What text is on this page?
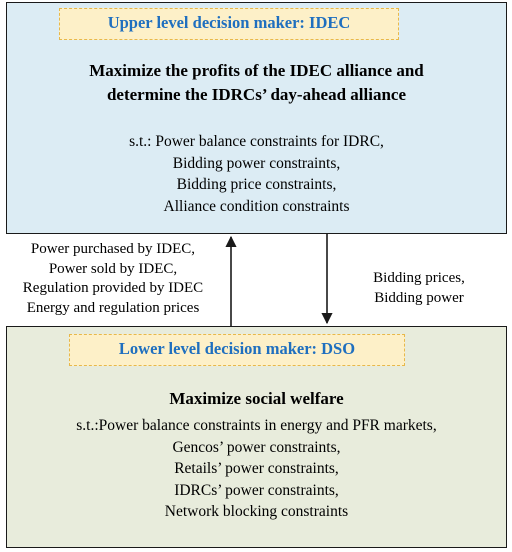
Upper level decision maker: IDEC
Maximize the profits of the IDEC alliance and
determine the IDRCs’ day-ahead alliance
s.t.: Power balance constraints for IDRC,
Bidding power constraints,
Bidding price constraints,
Alliance condition constraints
Lower level decision maker: DSO
Maximize social welfare
s.t.:Power balance constraints in energy and PFR markets,
Gencos’ power constraints,
Retails’ power constraints,
IDRCs’ power constraints,
Network blocking constraints
Power purchased by IDEC,
Power sold by IDEC,
Regulation provided by IDEC
Energy and regulation prices
Bidding prices,
Bidding power
